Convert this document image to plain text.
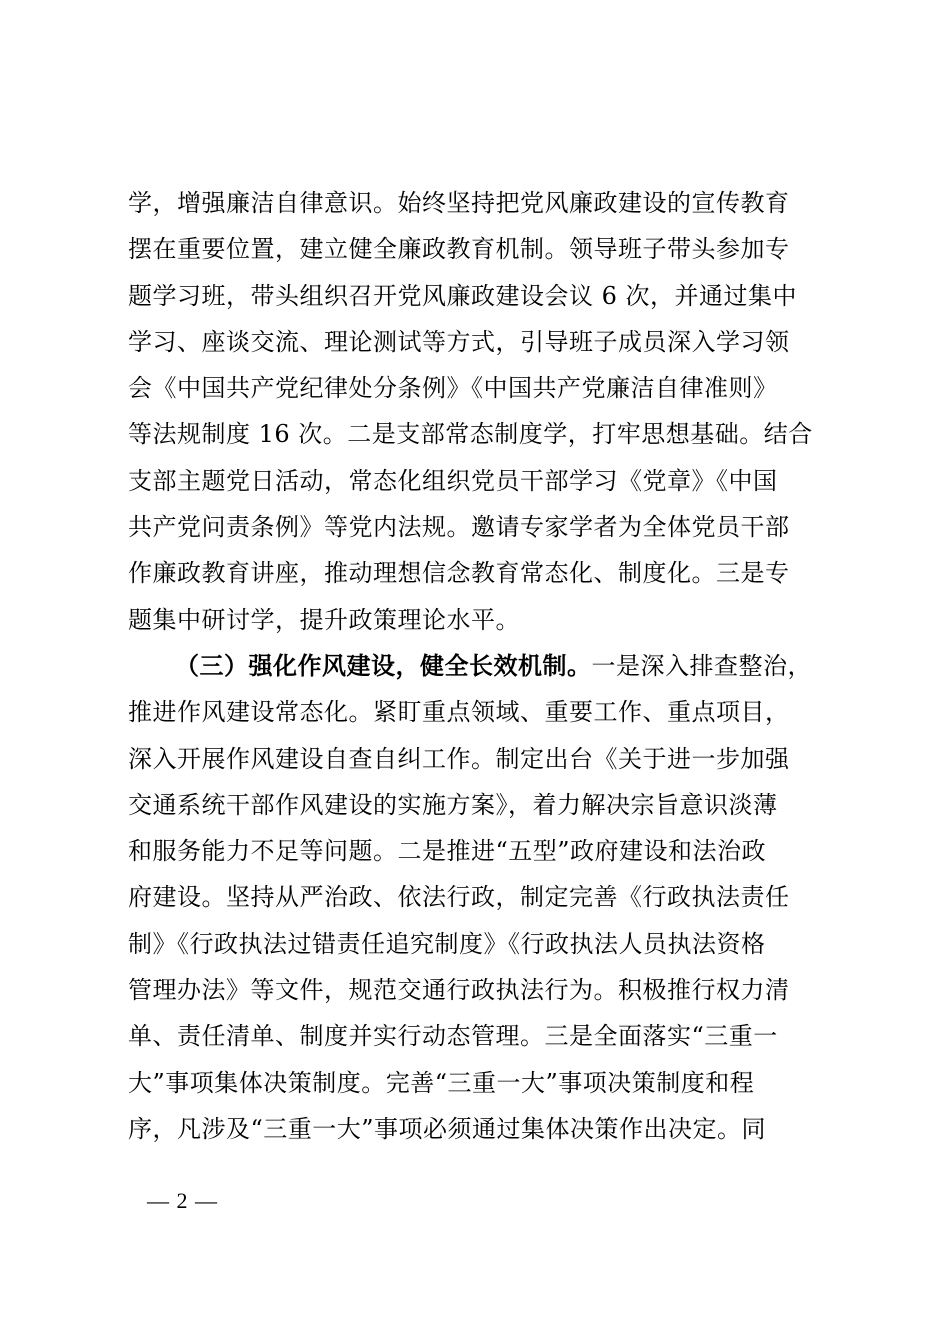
学，增强廉洁自律意识。始终坚持把党风廉政建设的宣传教育
摆在重要位置，建立健全廉政教育机制。领导班子带头参加专
题学习班，带头组织召开党风廉政建设会议 6 次，并通过集中
学习、座谈交流、理论测试等方式，引导班子成员深入学习领
会《中国共产党纪律处分条例》《中国共产党廉洁自律准则》
等法规制度 16 次。二是支部常态制度学，打牢思想基础。结合
支部主题党日活动，常态化组织党员干部学习《党章》《中国
共产党问责条例》等党内法规。邀请专家学者为全体党员干部
作廉政教育讲座，推动理想信念教育常态化、制度化。三是专
题集中研讨学，提升政策理论水平。
（三）强化作风建设，健全长效机制。一是深入排查整治，
推进作风建设常态化。紧盯重点领域、重要工作、重点项目，
深入开展作风建设自查自纠工作。制定出台《关于进一步加强
交通系统干部作风建设的实施方案》，着力解决宗旨意识淡薄
和服务能力不足等问题。二是推进“五型”政府建设和法治政
府建设。坚持从严治政、依法行政，制定完善《行政执法责任
制》《行政执法过错责任追究制度》《行政执法人员执法资格
管理办法》等文件，规范交通行政执法行为。积极推行权力清
单、责任清单、制度并实行动态管理。三是全面落实“三重一
大”事项集体决策制度。完善“三重一大”事项决策制度和程
序，凡涉及“三重一大”事项必须通过集体决策作出决定。同
— 2 —
